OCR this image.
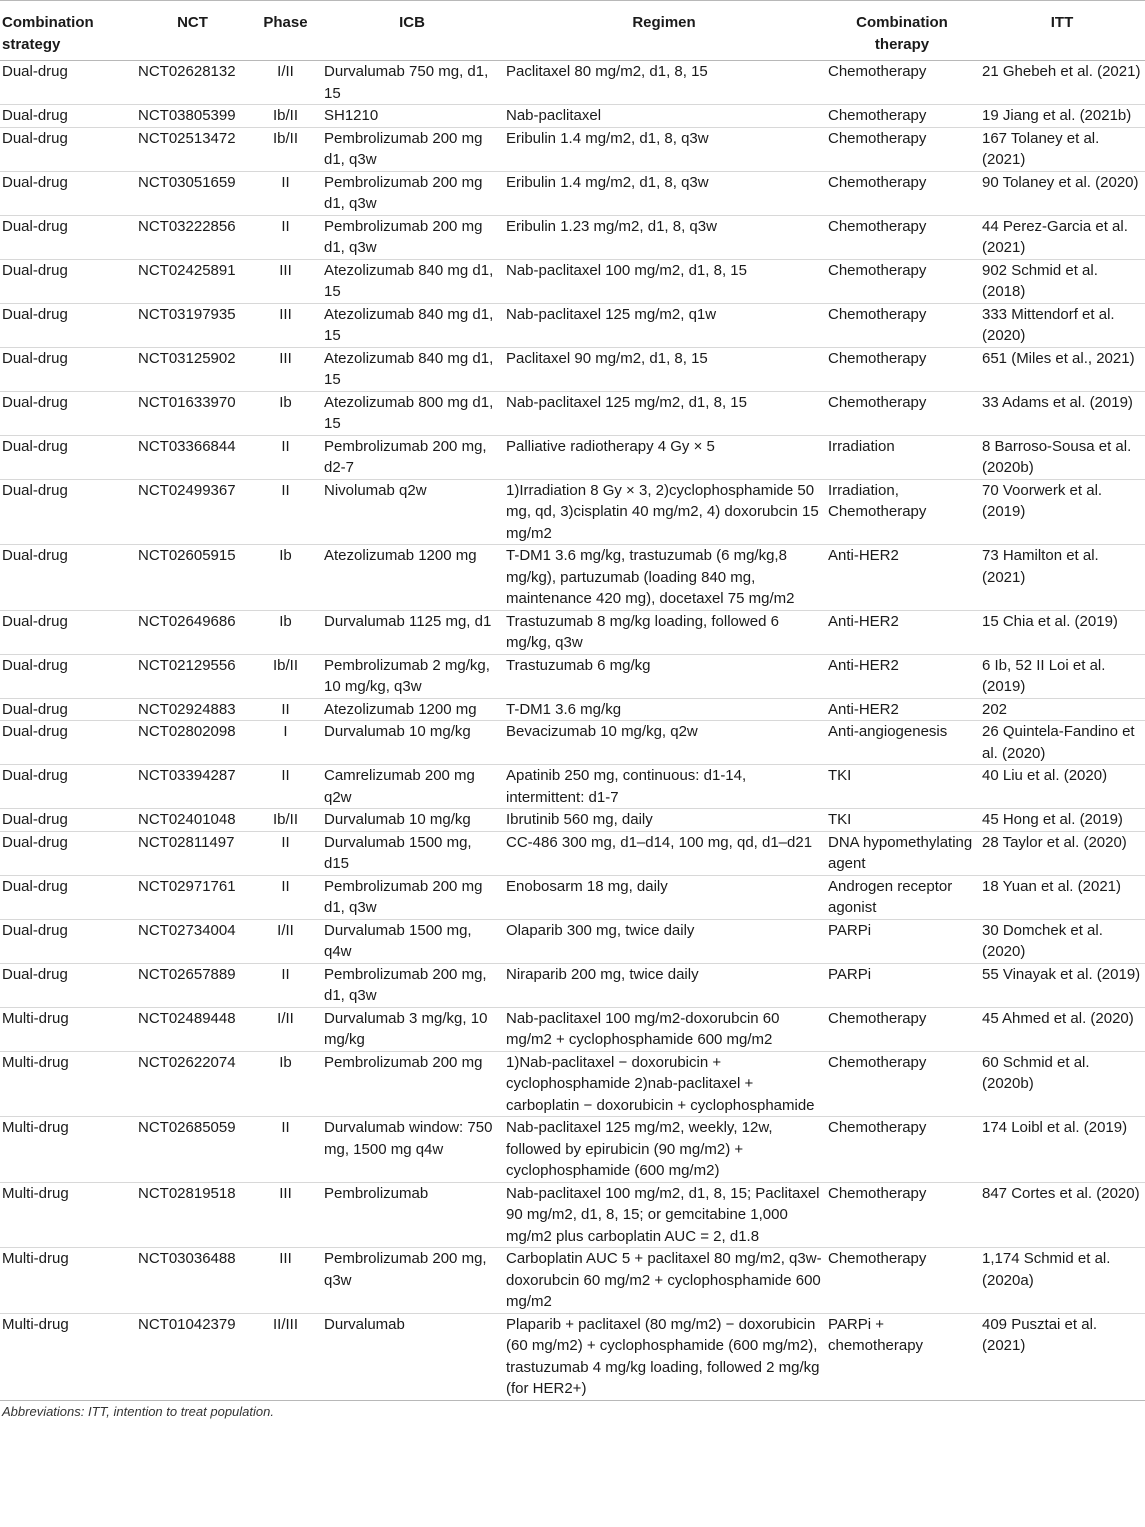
Combination strategy	NCT	Phase	ICB	Regimen	Combination therapy	ITT
Dual-drug	NCT02628132	I/II	Durvalumab 750 mg, d1, 15	Paclitaxel 80 mg/m2, d1, 8, 15	Chemotherapy	21 Ghebeh et al. (2021)
Dual-drug	NCT03805399	Ib/II	SH1210	Nab-paclitaxel	Chemotherapy	19 Jiang et al. (2021b)
Dual-drug	NCT02513472	Ib/II	Pembrolizumab 200 mg d1, q3w	Eribulin 1.4 mg/m2, d1, 8, q3w	Chemotherapy	167 Tolaney et al. (2021)
Dual-drug	NCT03051659	II	Pembrolizumab 200 mg d1, q3w	Eribulin 1.4 mg/m2, d1, 8, q3w	Chemotherapy	90 Tolaney et al. (2020)
Dual-drug	NCT03222856	II	Pembrolizumab 200 mg d1, q3w	Eribulin 1.23 mg/m2, d1, 8, q3w	Chemotherapy	44 Perez-Garcia et al. (2021)
Dual-drug	NCT02425891	III	Atezolizumab 840 mg d1, 15	Nab-paclitaxel 100 mg/m2, d1, 8, 15	Chemotherapy	902 Schmid et al. (2018)
Dual-drug	NCT03197935	III	Atezolizumab 840 mg d1, 15	Nab-paclitaxel 125 mg/m2, q1w	Chemotherapy	333 Mittendorf et al. (2020)
Dual-drug	NCT03125902	III	Atezolizumab 840 mg d1, 15	Paclitaxel 90 mg/m2, d1, 8, 15	Chemotherapy	651 (Miles et al., 2021)
Dual-drug	NCT01633970	Ib	Atezolizumab 800 mg d1, 15	Nab-paclitaxel 125 mg/m2, d1, 8, 15	Chemotherapy	33 Adams et al. (2019)
Dual-drug	NCT03366844	II	Pembrolizumab 200 mg, d2-7	Palliative radiotherapy 4 Gy × 5	Irradiation	8 Barroso-Sousa et al. (2020b)
Dual-drug	NCT02499367	II	Nivolumab q2w	1)Irradiation 8 Gy × 3, 2)cyclophosphamide 50 mg, qd, 3)cisplatin 40 mg/m2, 4) doxorubcin 15 mg/m2	Irradiation, Chemotherapy	70 Voorwerk et al. (2019)
Dual-drug	NCT02605915	Ib	Atezolizumab 1200 mg	T-DM1 3.6 mg/kg, trastuzumab (6 mg/kg,8 mg/kg), partuzumab (loading 840 mg, maintenance 420 mg), docetaxel 75 mg/m2	Anti-HER2	73 Hamilton et al. (2021)
Dual-drug	NCT02649686	Ib	Durvalumab 1125 mg, d1	Trastuzumab 8 mg/kg loading, followed 6 mg/kg, q3w	Anti-HER2	15 Chia et al. (2019)
Dual-drug	NCT02129556	Ib/II	Pembrolizumab 2 mg/kg, 10 mg/kg, q3w	Trastuzumab 6 mg/kg	Anti-HER2	6 Ib, 52 II Loi et al. (2019)
Dual-drug	NCT02924883	II	Atezolizumab 1200 mg	T-DM1 3.6 mg/kg	Anti-HER2	202
Dual-drug	NCT02802098	I	Durvalumab 10 mg/kg	Bevacizumab 10 mg/kg, q2w	Anti-angiogenesis	26 Quintela-Fandino et al. (2020)
Dual-drug	NCT03394287	II	Camrelizumab 200 mg q2w	Apatinib 250 mg, continuous: d1-14, intermittent: d1-7	TKI	40 Liu et al. (2020)
Dual-drug	NCT02401048	Ib/II	Durvalumab 10 mg/kg	Ibrutinib 560 mg, daily	TKI	45 Hong et al. (2019)
Dual-drug	NCT02811497	II	Durvalumab 1500 mg, d15	CC-486 300 mg, d1–d14, 100 mg, qd, d1–d21	DNA hypomethylating agent	28 Taylor et al. (2020)
Dual-drug	NCT02971761	II	Pembrolizumab 200 mg d1, q3w	Enobosarm 18 mg, daily	Androgen receptor agonist	18 Yuan et al. (2021)
Dual-drug	NCT02734004	I/II	Durvalumab 1500 mg, q4w	Olaparib 300 mg, twice daily	PARPi	30 Domchek et al. (2020)
Dual-drug	NCT02657889	II	Pembrolizumab 200 mg, d1, q3w	Niraparib 200 mg, twice daily	PARPi	55 Vinayak et al. (2019)
Multi-drug	NCT02489448	I/II	Durvalumab 3 mg/kg, 10 mg/kg	Nab-paclitaxel 100 mg/m2-doxorubcin 60 mg/m2 + cyclophosphamide 600 mg/m2	Chemotherapy	45 Ahmed et al. (2020)
Multi-drug	NCT02622074	Ib	Pembrolizumab 200 mg	1)Nab-paclitaxel − doxorubicin + cyclophosphamide 2)nab-paclitaxel + carboplatin − doxorubicin + cyclophosphamide	Chemotherapy	60 Schmid et al. (2020b)
Multi-drug	NCT02685059	II	Durvalumab window: 750 mg, 1500 mg q4w	Nab-paclitaxel 125 mg/m2, weekly, 12w, followed by epirubicin (90 mg/m2) + cyclophosphamide (600 mg/m2)	Chemotherapy	174 Loibl et al. (2019)
Multi-drug	NCT02819518	III	Pembrolizumab	Nab-paclitaxel 100 mg/m2, d1, 8, 15; Paclitaxel 90 mg/m2, d1, 8, 15; or gemcitabine 1,000 mg/m2 plus carboplatin AUC = 2, d1.8	Chemotherapy	847 Cortes et al. (2020)
Multi-drug	NCT03036488	III	Pembrolizumab 200 mg, q3w	Carboplatin AUC 5 + paclitaxel 80 mg/m2, q3w-doxorubcin 60 mg/m2 + cyclophosphamide 600 mg/m2	Chemotherapy	1,174 Schmid et al. (2020a)
Multi-drug	NCT01042379	II/III	Durvalumab	Plaparib + paclitaxel (80 mg/m2) − doxorubicin (60 mg/m2) + cyclophosphamide (600 mg/m2), trastuzumab 4 mg/kg loading, followed 2 mg/kg (for HER2+)	PARPi + chemotherapy	409 Pusztai et al. (2021)
Abbreviations: ITT, intention to treat population.
